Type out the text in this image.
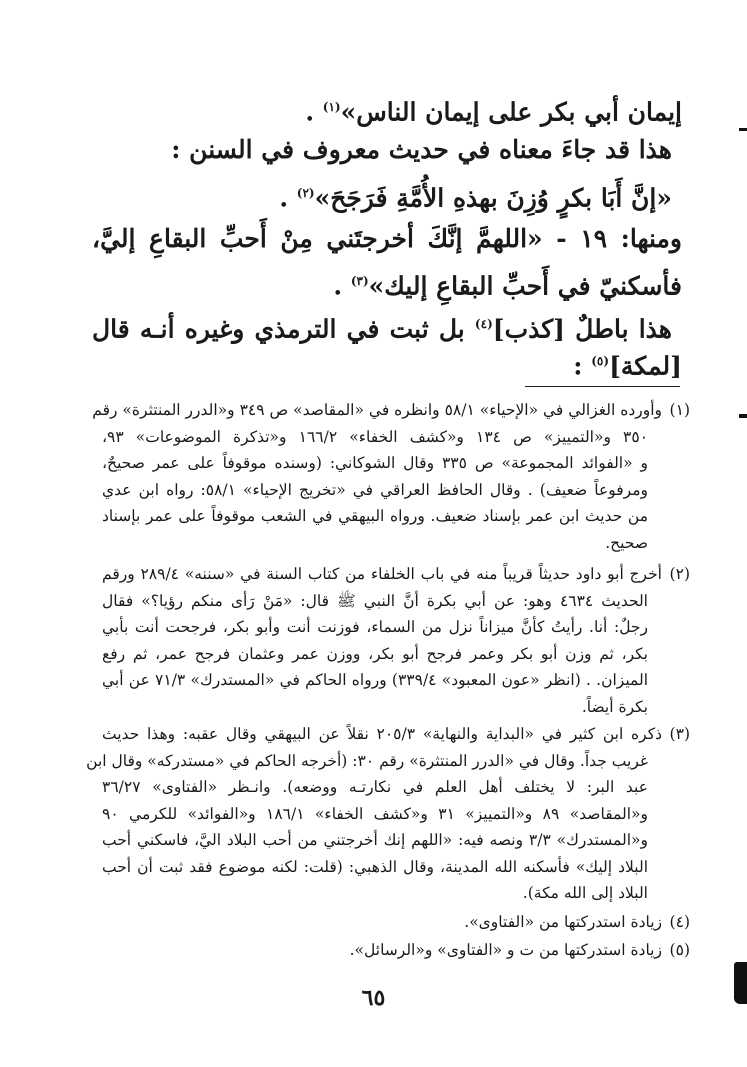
إيمان أبي بكر على إيمان الناس»$^{(١)}$ .
هذا قد جاءَ معناه في حديث معروف في السنن :
«إنَّ أَبَا بكرٍ وُزِنَ بهذهِ الأُمَّةِ فَرَجَحَ»$^{(٢)}$ .
ومنها: ١٩ - «اللهمَّ إنَّكَ أخرجتَني مِنْ أَحبِّ البقاعِ إليَّ،
فأسكنيّ في أَحبِّ البقاعِ إليك»$^{(٣)}$ .
هذا باطلٌ [كذب]$^{(٤)}$ بل ثبت في الترمذي وغيره أنـه قال
[لمكة]$^{(٥)}$ :
(١)

وأورده الغزالي في «الإحياء» ٥٨/١ وانظره في «المقاصد» ص ٣٤٩ و«الدرر المنتثرة» رقم

٣٥٠ و«التمييز» ص ١٣٤ و«كشف الخفاء» ١٦٦/٢ و«تذكرة الموضوعات» ٩٣،

و «الفوائد المجموعة» ص ٣٣٥ وقال الشوكاني: (وسنده موقوفاً على عمر صحيحٌ،

ومرفوعاً ضعيف) . وقال الحافظ العراقي في «تخريج الإحياء» ٥٨/١: رواه ابن عدي

من حديث ابن عمر بإسناد ضعيف. ورواه البيهقي في الشعب موقوفاً على عمر بإسناد

صحيح.

(٢)

أخرج أبو داود حديثاً قريباً منه في باب الخلفاء من كتاب السنة في «سننه» ٢٨٩/٤ ورقم

الحديث ٤٦٣٤ وهو: عن أبي بكرة أنَّ النبي ﷺ قال: «مَنْ رَأى منكم رؤيا؟» فقال

رجلٌ: أنا. رأيتُ كأنَّ ميزاناً نزل من السماء، فوزنت أنت وأبو بكر، فرجحت أنت بأبي

بكر، ثم وزن أبو بكر وعمر فرجح أبو بكر، ووزن عمر وعثمان فرجح عمر، ثم رفع

الميزان. . (انظر «عون المعبود» ٣٣٩/٤) ورواه الحاكم في «المستدرك» ٧١/٣ عن أبي

بكرة أيضاً.

(٣)

ذكره ابن كثير في «البداية والنهاية» ٢٠٥/٣ نقلاً عن البيهقي وقال عقبه: وهذا حديث

غريب جداً. وقال في «الدرر المنتثرة» رقم ٣٠: (أخرجه الحاكم في «مستدركه» وقال ابن

عبد البر: لا يختلف أهل العلم في نكارتـه ووضعه). وانـظر «الفتاوى» ٣٦/٢٧

و«المقاصد» ٨٩ و«التمييز» ٣١ و«كشف الخفاء» ١٨٦/١ و«الفوائد» للكرمي ٩٠

و«المستدرك» ٣/٣ ونصه فيه: «اللهم إنك أخرجتني من أحب البلاد اليَّ، فاسكني أحب

البلاد إليك» فأسكنه الله المدينة، وقال الذهبي: (قلت: لكنه موضوع فقد ثبت أن أحب

البلاد إلى الله مكة).

(٤)

زيادة استدركتها من «الفتاوى».

(٥)

زيادة استدركتها من ت و «الفتاوى» و«الرسائل».

٦٥
